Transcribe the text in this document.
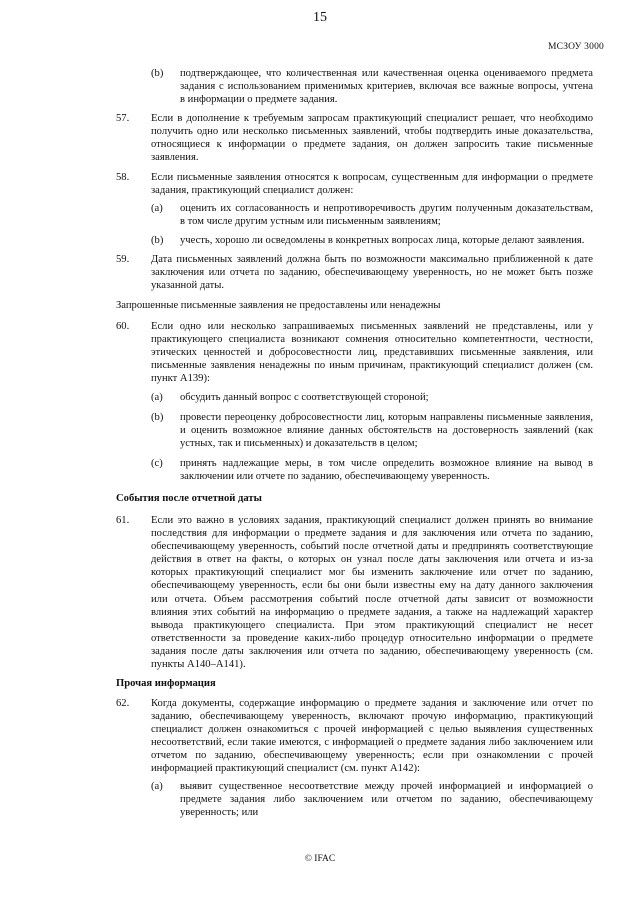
15
МСЗОУ 3000
(b) подтверждающее, что количественная или качественная оценка оцениваемого предмета
задания с использованием применимых критериев, включая все важные вопросы, учтена
в информации о предмете задания.
57. Если в дополнение к требуемым запросам практикующий специалист решает, что необходимо
получить одно или несколько письменных заявлений, чтобы подтвердить иные доказательства,
относящиеся к информации о предмете задания, он должен запросить такие письменные
заявления.
58. Если письменные заявления относятся к вопросам, существенным для информации о предмете
задания, практикующий специалист должен:
(a) оценить их согласованность и непротиворечивость другим полученным доказательствам,
в том числе другим устным или письменным заявлениям;
(b) учесть, хорошо ли осведомлены в конкретных вопросах лица, которые делают заявления.
59. Дата письменных заявлений должна быть по возможности максимально приближенной к дате
заключения или отчета по заданию, обеспечивающему уверенность, но не может быть позже
указанной даты.
Запрошенные письменные заявления не предоставлены или ненадежны
60. Если одно или несколько запрашиваемых письменных заявлений не представлены, или у
практикующего специалиста возникают сомнения относительно компетентности, честности,
этических ценностей и добросовестности лиц, представивших письменные заявления, или
письменные заявления ненадежны по иным причинам, практикующий специалист должен (см.
пункт А139):
(a) обсудить данный вопрос с соответствующей стороной;
(b) провести переоценку добросовестности лиц, которым направлены письменные заявления,
и оценить возможное влияние данных обстоятельств на достоверность заявлений (как
устных, так и письменных) и доказательств в целом;
(c) принять надлежащие меры, в том числе определить возможное влияние на вывод в
заключении или отчете по заданию, обеспечивающему уверенность.
События после отчетной даты
61. Если это важно в условиях задания, практикующий специалист должен принять во внимание
последствия для информации о предмете задания и для заключения или отчета по заданию,
обеспечивающему уверенность, событий после отчетной даты и предпринять соответствующие
действия в ответ на факты, о которых он узнал после даты заключения или отчета и из-за
которых практикующий специалист мог бы изменить заключение или отчет по заданию,
обеспечивающему уверенность, если бы они были известны ему на дату данного заключения
или отчета. Объем рассмотрения событий после отчетной даты зависит от возможности
влияния этих событий на информацию о предмете задания, а также на надлежащий характер
вывода практикующего специалиста. При этом практикующий специалист не несет
ответственности за проведение каких-либо процедур относительно информации о предмете
задания после даты заключения или отчета по заданию, обеспечивающему уверенность (см.
пункты А140–А141).
Прочая информация
62. Когда документы, содержащие информацию о предмете задания и заключение или отчет по
заданию, обеспечивающему уверенность, включают прочую информацию, практикующий
специалист должен ознакомиться с прочей информацией с целью выявления существенных
несоответствий, если такие имеются, с информацией о предмете задания либо заключением или
отчетом по заданию, обеспечивающему уверенность; если при ознакомлении с прочей
информацией практикующий специалист (см. пункт А142):
(a) выявит существенное несоответствие между прочей информацией и информацией о
предмете задания либо заключением или отчетом по заданию, обеспечивающему
уверенность; или
© IFAC
